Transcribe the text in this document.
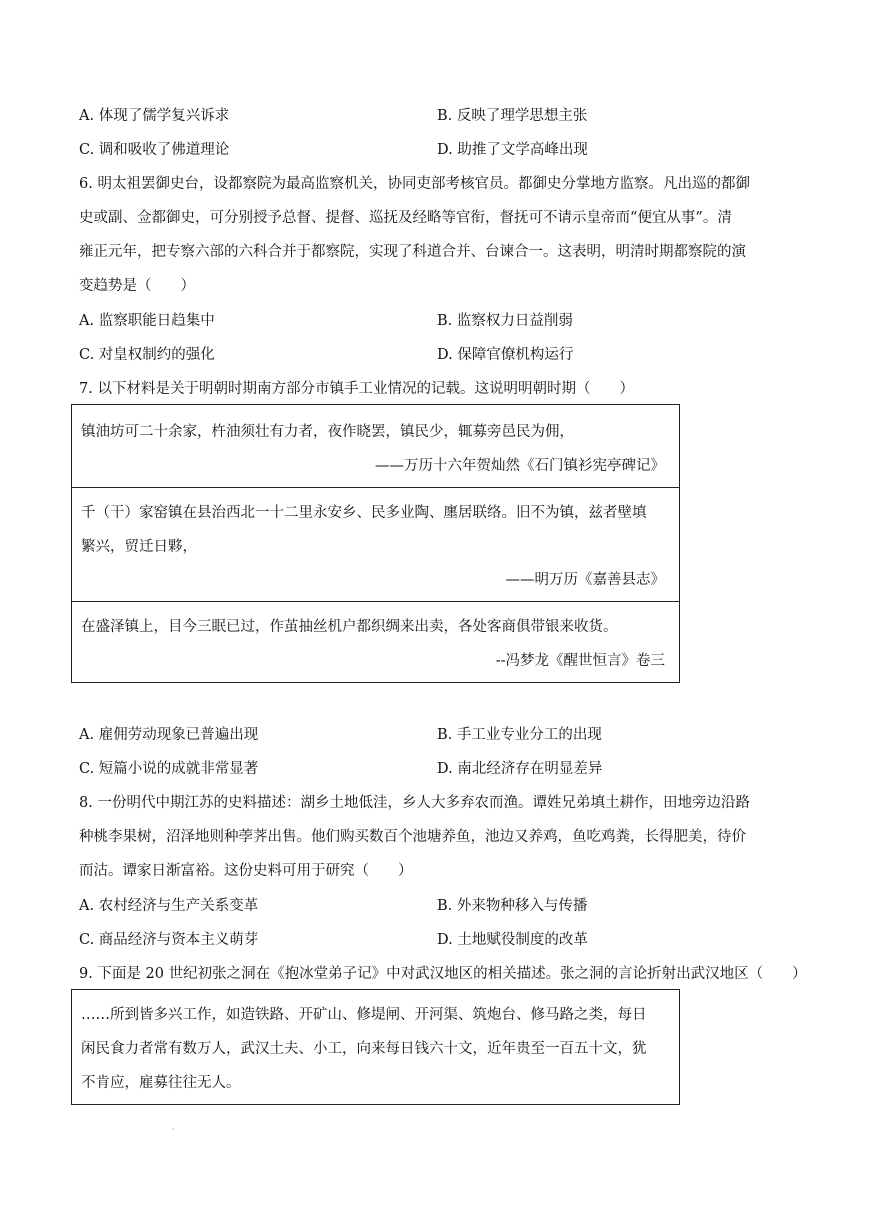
A. 体现了儒学复兴诉求	B. 反映了理学思想主张
C. 调和吸收了佛道理论	D. 助推了文学高峰出现
6. 明太祖罢御史台，设都察院为最高监察机关，协同吏部考核官员。都御史分掌地方监察。凡出巡的都御
史或副、佥都御史，可分别授予总督、提督、巡抚及经略等官衔，督抚可不请示皇帝而“便宜从事”。清
雍正元年，把专察六部的六科合并于都察院，实现了科道合并、台谏合一。这表明，明清时期都察院的演
变趋势是（　　）
A. 监察职能日趋集中	B. 监察权力日益削弱
C. 对皇权制约的强化	D. 保障官僚机构运行
7. 以下材料是关于明朝时期南方部分市镇手工业情况的记载。这说明明朝时期（　　）
镇油坊可二十余家，杵油须壮有力者，夜作晓罢，镇民少，辄募旁邑民为佣，
——万历十六年贺灿然《石门镇衫宪亭碑记》
千（干）家窑镇在县治西北一十二里永安乡、民多业陶、廛居联络。旧不为镇，兹者壁填
繁兴，贸迁日夥，
——明万历《嘉善县志》
在盛泽镇上，目今三眠已过，作茧抽丝机户都织绸来出卖，各处客商俱带银来收货。
--冯梦龙《醒世恒言》卷三
A. 雇佣劳动现象已普遍出现	B. 手工业专业分工的出现
C. 短篇小说的成就非常显著	D. 南北经济存在明显差异
8. 一份明代中期江苏的史料描述：湖乡土地低洼，乡人大多弃农而渔。谭姓兄弟填土耕作，田地旁边沿路
种桃李果树，沼泽地则种荸荠出售。他们购买数百个池塘养鱼，池边又养鸡，鱼吃鸡粪，长得肥美，待价
而沽。谭家日渐富裕。这份史料可用于研究（　　）
A. 农村经济与生产关系变革	B. 外来物种移入与传播
C. 商品经济与资本主义萌芽	D. 土地赋役制度的改革
9. 下面是 20 世纪初张之洞在《抱冰堂弟子记》中对武汉地区的相关描述。张之洞的言论折射出武汉地区（　　）
……所到皆多兴工作，如造铁路、开矿山、修堤闸、开河渠、筑炮台、修马路之类，每日
闲民食力者常有数万人，武汉土夫、小工，向来每日钱六十文，近年贵至一百五十文，犹
不肯应，雇募往往无人。
